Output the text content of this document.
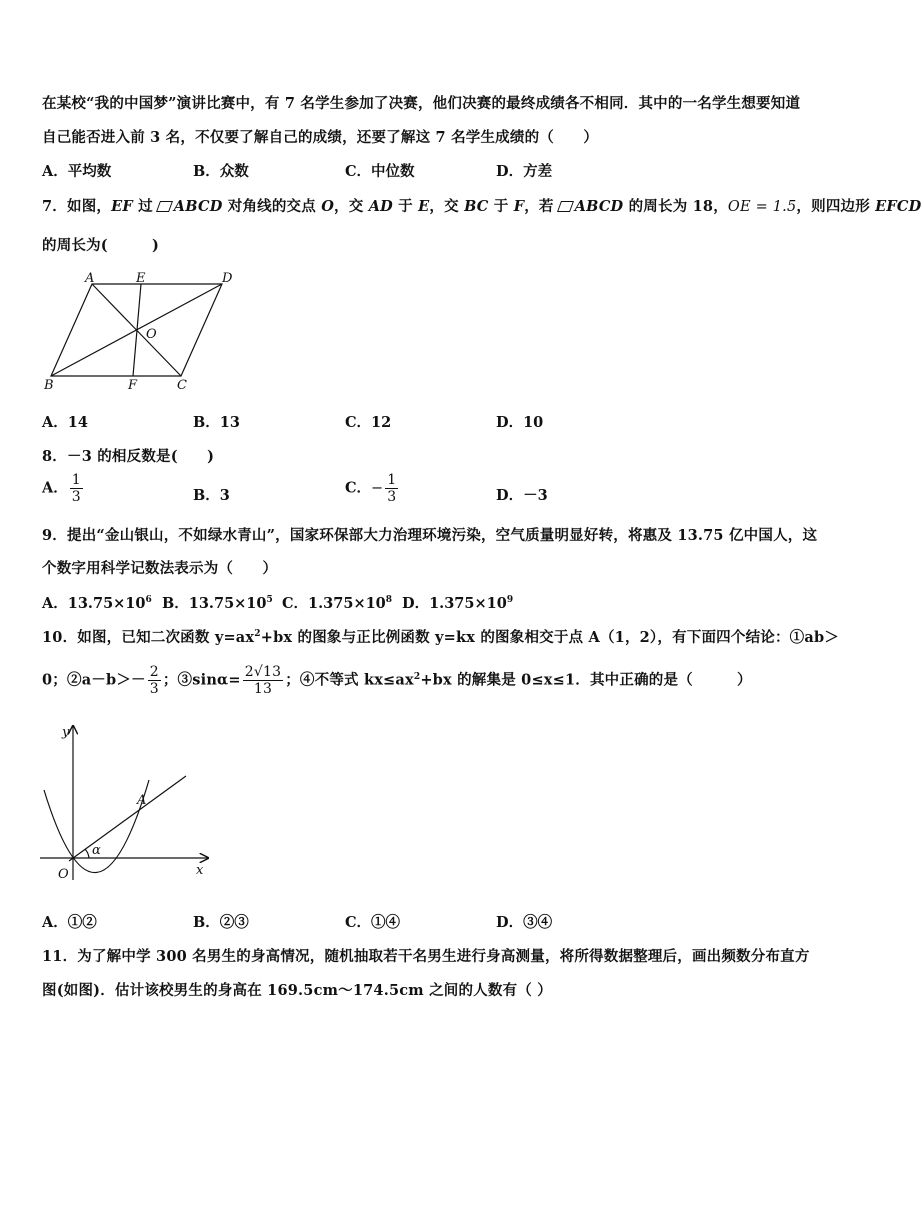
在某校“我的中国梦”演讲比赛中，有 7 名学生参加了决赛，他们决赛的最终成绩各不相同．其中的一名学生想要知道
自己能否进入前 3 名，不仅要了解自己的成绩，还要了解这 7 名学生成绩的（　　）
A．平均数	B．众数	C．中位数	D．方差
7．如图，EF 过 ABCD 对角线的交点 O，交 AD 于 E，交 BC 于 F，若 ABCD 的周长为 18，OE = 1.5，则四边形 EFCD
的周长为(　　　)
A	E	D
O
B	F	C
A．14	B．13	C．12	D．10
8．－3 的相反数是(　　)
A． $\frac{1}{3}$	B．3	C．− $\frac{1}{3}$	D．－3
9．提出“金山银山，不如绿水青山”，国家环保部大力治理环境污染，空气质量明显好转，将惠及 13.75 亿中国人，这
个数字用科学记数法表示为（　　）
A．$13.75\times 10^6$ B．$13.75\times 10^5$ C．$1.375\times 10^8$ D．$1.375\times 10^9$
10．如图，已知二次函数 $y=ax^2+bx$ 的图象与正比例函数 y=kx 的图象相交于点 A（1，2），有下面四个结论：①ab＞
0；②a－b＞－ $\frac{2}{3}$ ；③sinα= $\frac{2√13}{13}$ ；④不等式 $kx\le ax^2+bx$ 的解集是 0≤x≤1．其中正确的是（　　　）
y
x
O
A
α
A．①②	B．②③	C．①④	D．③④
11．为了解中学 300 名男生的身高情况，随机抽取若干名男生进行身高测量，将所得数据整理后，画出频数分布直方
图(如图)．估计该校男生的身高在 169.5cm～174.5cm 之间的人数有（ ）
